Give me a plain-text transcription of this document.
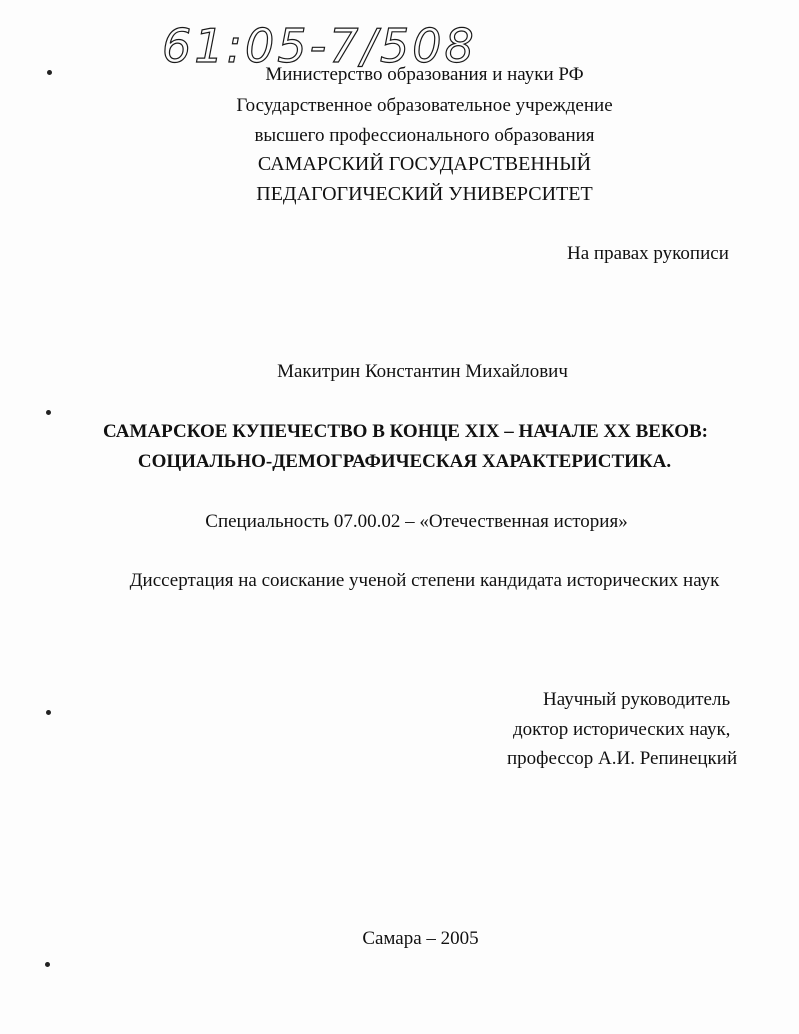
61:05-7/508
Министерство образования и науки РФ
Государственное образовательное учреждение
высшего профессионального образования
САМАРСКИЙ ГОСУДАРСТВЕННЫЙ
ПЕДАГОГИЧЕСКИЙ УНИВЕРСИТЕТ
На правах рукописи
Макитрин Константин Михайлович
САМАРСКОЕ КУПЕЧЕСТВО В КОНЦЕ XIX – НАЧАЛЕ XX ВЕКОВ:
СОЦИАЛЬНО-ДЕМОГРАФИЧЕСКАЯ ХАРАКТЕРИСТИКА.
Специальность 07.00.02 – «Отечественная история»
Диссертация на соискание ученой степени кандидата исторических наук
Научный руководитель
доктор исторических наук,
профессор А.И. Репинецкий
Самара – 2005
